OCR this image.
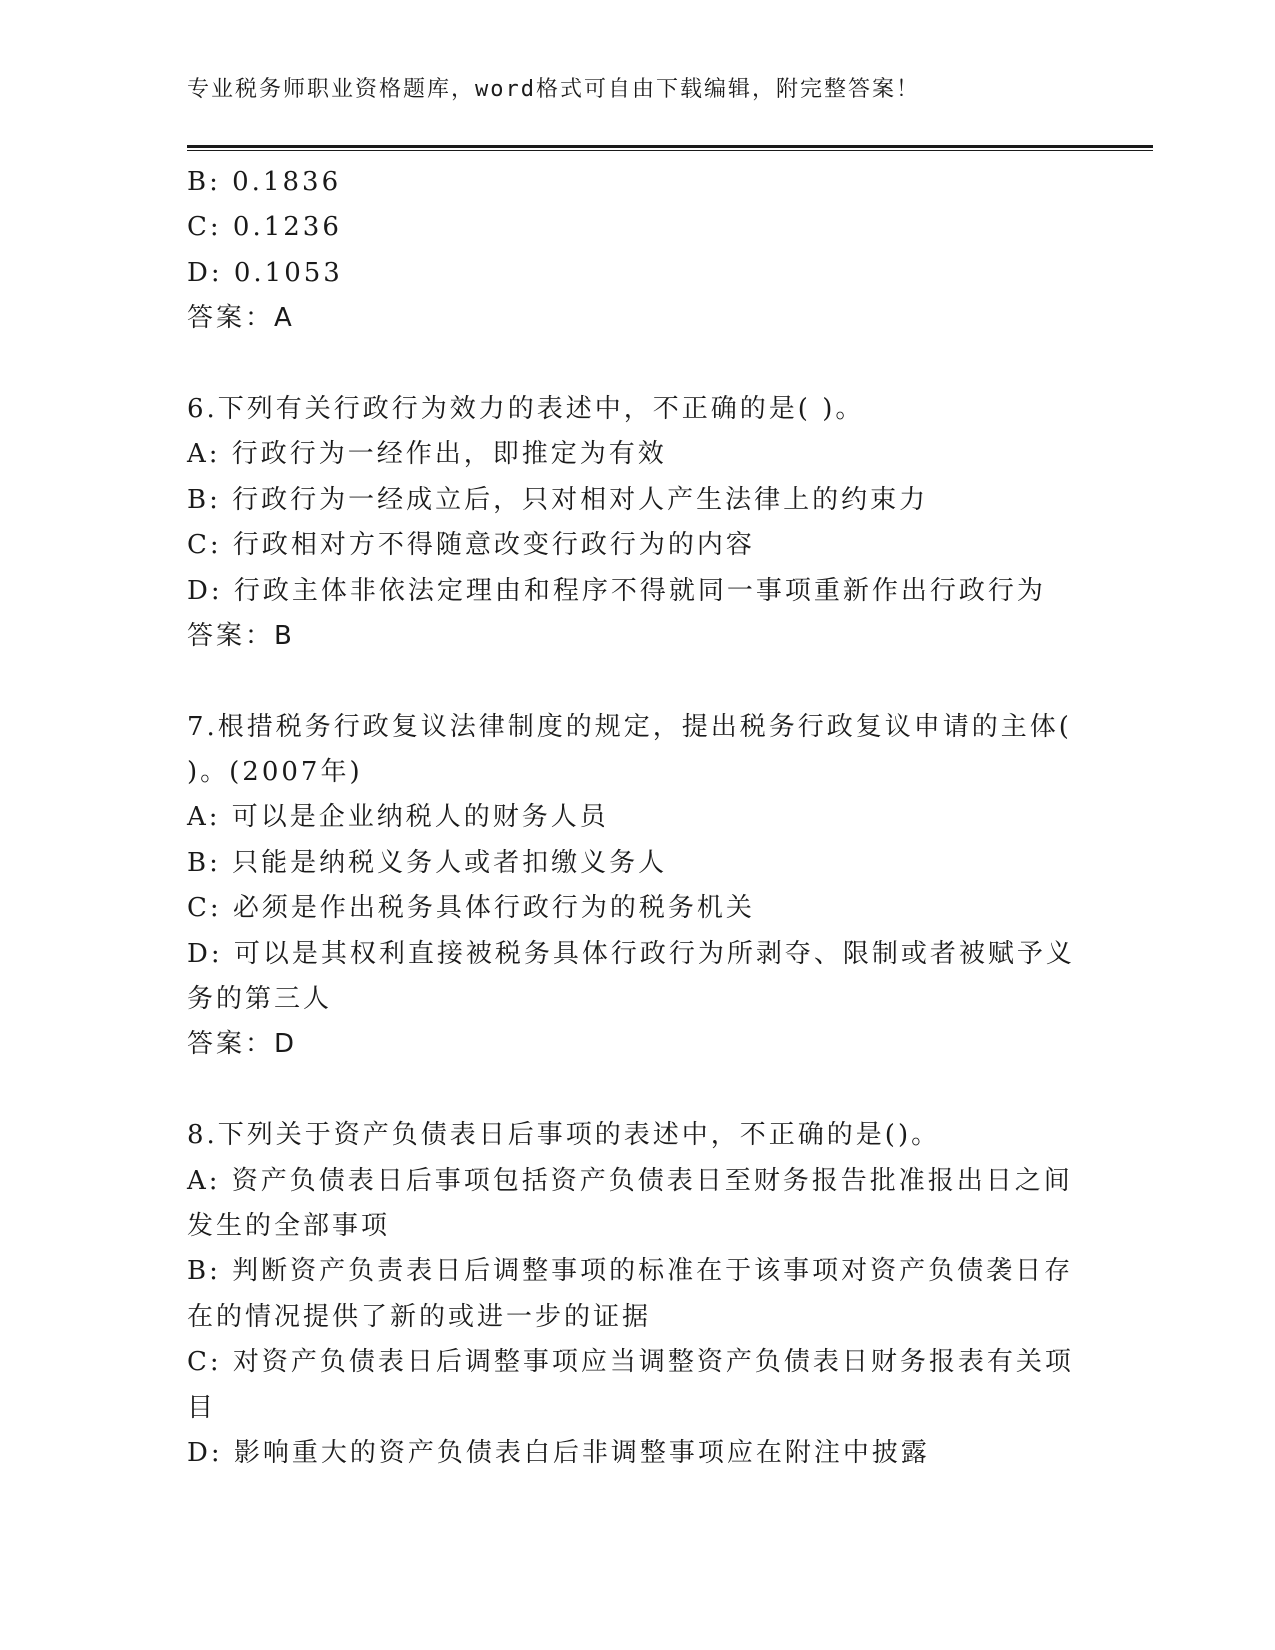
专业税务师职业资格题库，word格式可自由下载编辑，附完整答案！
B: 0.1836
C: 0.1236
D: 0.1053
答案：A
6.下列有关行政行为效力的表述中，不正确的是( )。
A: 行政行为一经作出，即推定为有效
B: 行政行为一经成立后，只对相对人产生法律上的约束力
C: 行政相对方不得随意改变行政行为的内容
D: 行政主体非依法定理由和程序不得就同一事项重新作出行政行为
答案：B
7.根措税务行政复议法律制度的规定，提出税务行政复议申请的主体(
)。(2007年)
A: 可以是企业纳税人的财务人员
B: 只能是纳税义务人或者扣缴义务人
C: 必须是作出税务具体行政行为的税务机关
D: 可以是其权利直接被税务具体行政行为所剥夺、限制或者被赋予义
务的第三人
答案：D
8.下列关于资产负债表日后事项的表述中，不正确的是()。
A: 资产负债表日后事项包括资产负债表日至财务报告批准报出日之间
发生的全部事项
B: 判断资产负责表日后调整事项的标准在于该事项对资产负债袭日存
在的情况提供了新的或进一步的证据
C: 对资产负债表日后调整事项应当调整资产负债表日财务报表有关项
目
D: 影响重大的资产负债表白后非调整事项应在附注中披露
